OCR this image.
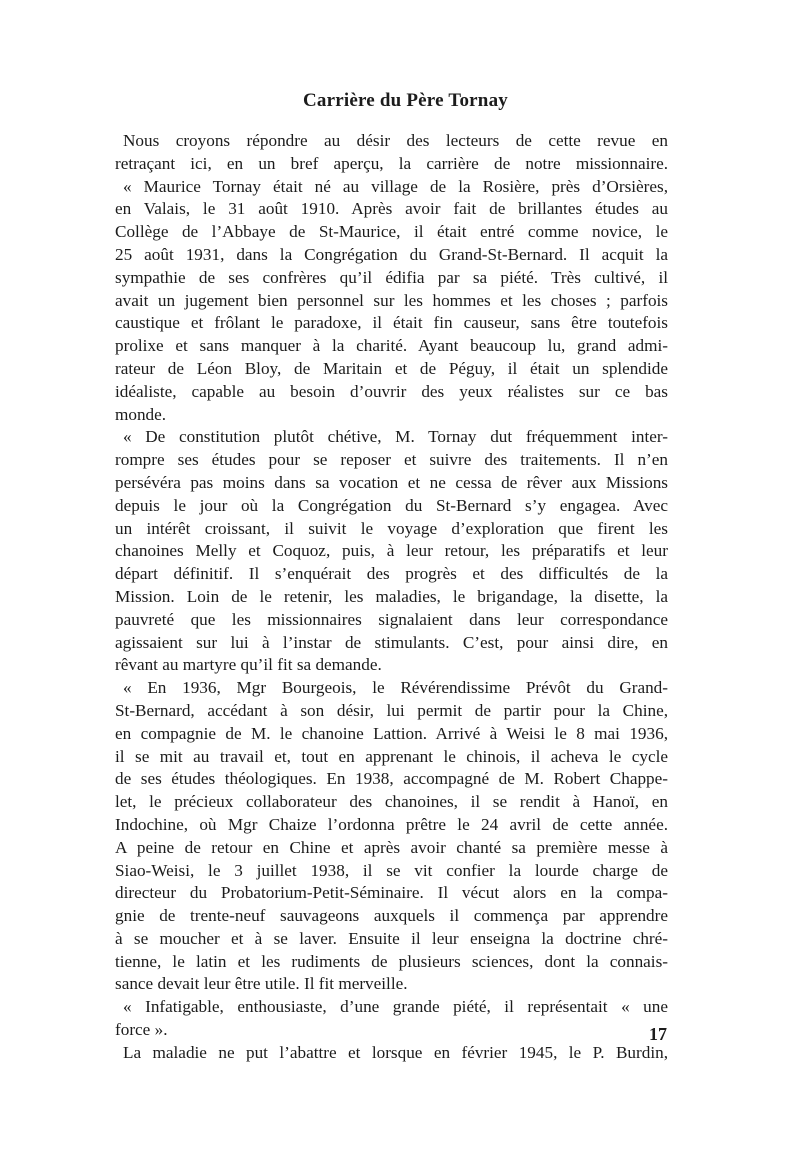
Carrière du Père Tornay
Nous croyons répondre au désir des lecteurs de cette revue en
retraçant ici, en un bref aperçu, la carrière de notre missionnaire.
« Maurice Tornay était né au village de la Rosière, près d’Orsières,
en Valais, le 31 août 1910. Après avoir fait de brillantes études au
Collège de l’Abbaye de St-Maurice, il était entré comme novice, le
25 août 1931, dans la Congrégation du Grand-St-Bernard. Il acquit la
sympathie de ses confrères qu’il édifia par sa piété. Très cultivé, il
avait un jugement bien personnel sur les hommes et les choses ; parfois
caustique et frôlant le paradoxe, il était fin causeur, sans être toutefois
prolixe et sans manquer à la charité. Ayant beaucoup lu, grand admi-
rateur de Léon Bloy, de Maritain et de Péguy, il était un splendide
idéaliste, capable au besoin d’ouvrir des yeux réalistes sur ce bas
monde.
« De constitution plutôt chétive, M. Tornay dut fréquemment inter-
rompre ses études pour se reposer et suivre des traitements. Il n’en
persévéra pas moins dans sa vocation et ne cessa de rêver aux Missions
depuis le jour où la Congrégation du St-Bernard s’y engagea. Avec
un intérêt croissant, il suivit le voyage d’exploration que firent les
chanoines Melly et Coquoz, puis, à leur retour, les préparatifs et leur
départ définitif. Il s’enquérait des progrès et des difficultés de la
Mission. Loin de le retenir, les maladies, le brigandage, la disette, la
pauvreté que les missionnaires signalaient dans leur correspondance
agissaient sur lui à l’instar de stimulants. C’est, pour ainsi dire, en
rêvant au martyre qu’il fit sa demande.
« En 1936, Mgr Bourgeois, le Révérendissime Prévôt du Grand-
St-Bernard, accédant à son désir, lui permit de partir pour la Chine,
en compagnie de M. le chanoine Lattion. Arrivé à Weisi le 8 mai 1936,
il se mit au travail et, tout en apprenant le chinois, il acheva le cycle
de ses études théologiques. En 1938, accompagné de M. Robert Chappe-
let, le précieux collaborateur des chanoines, il se rendit à Hanoï, en
Indochine, où Mgr Chaize l’ordonna prêtre le 24 avril de cette année.
A peine de retour en Chine et après avoir chanté sa première messe à
Siao-Weisi, le 3 juillet 1938, il se vit confier la lourde charge de
directeur du Probatorium-Petit-Séminaire. Il vécut alors en la compa-
gnie de trente-neuf sauvageons auxquels il commença par apprendre
à se moucher et à se laver. Ensuite il leur enseigna la doctrine chré-
tienne, le latin et les rudiments de plusieurs sciences, dont la connais-
sance devait leur être utile. Il fit merveille.
« Infatigable, enthousiaste, d’une grande piété, il représentait « une
force ».
La maladie ne put l’abattre et lorsque en février 1945, le P. Burdin,
17
